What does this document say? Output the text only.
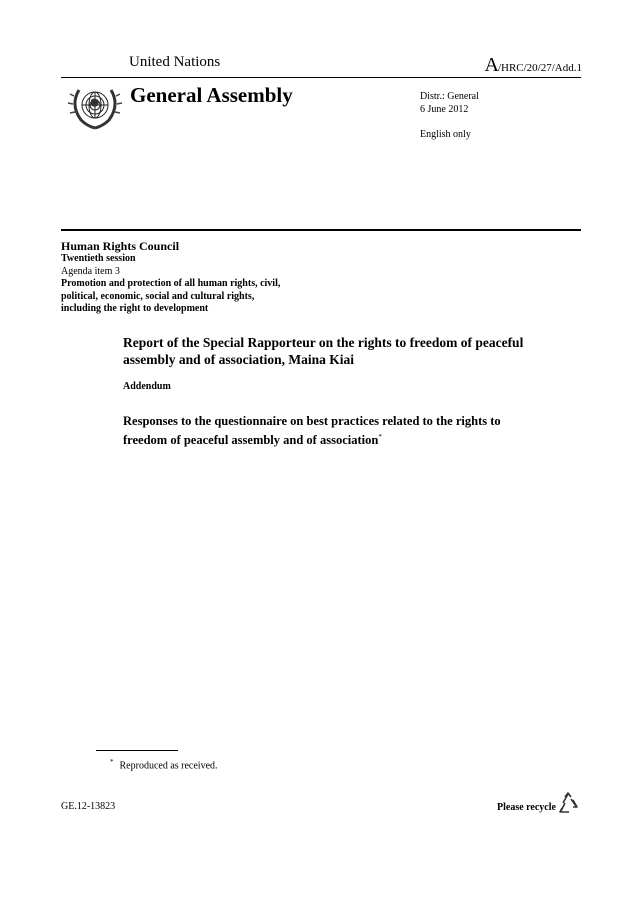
United Nations	A/HRC/20/27/Add.1
General Assembly	Distr.: General
6 June 2012
English only
Human Rights Council
Twentieth session
Agenda item 3
Promotion and protection of all human rights, civil,
political, economic, social and cultural rights,
including the right to development
Report of the Special Rapporteur on the rights to freedom of peaceful assembly and of association, Maina Kiai
Addendum
Responses to the questionnaire on best practices related to the rights to freedom of peaceful assembly and of association*
* Reproduced as received.
GE.12-13823	Please recycle
